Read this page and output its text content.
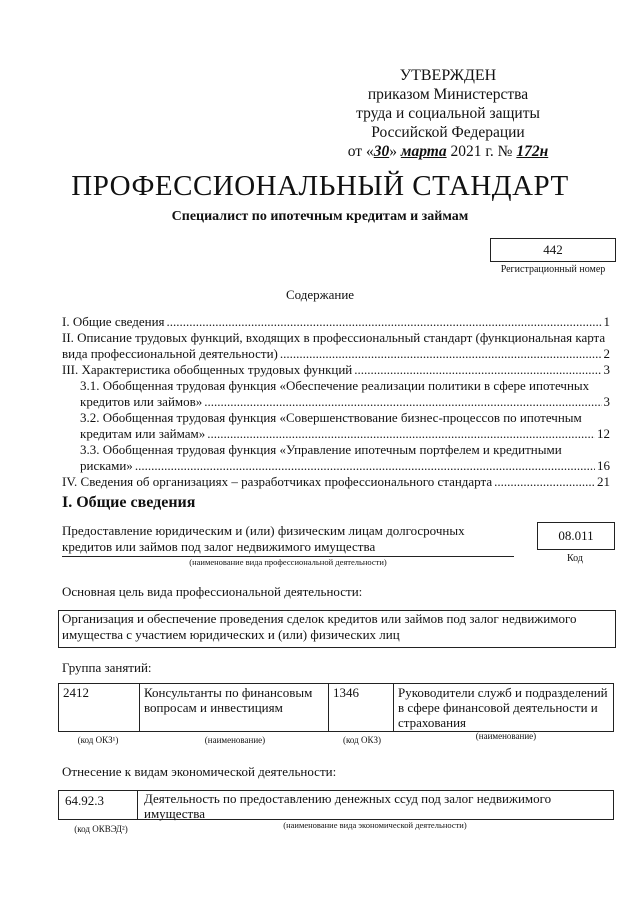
УТВЕРЖДЕН
приказом Министерства
труда и социальной защиты
Российской Федерации
от «30» марта 2021 г. № 172н
ПРОФЕССИОНАЛЬНЫЙ СТАНДАРТ
Специалист по ипотечным кредитам и займам
442
Регистрационный номер
Содержание
I. Общие сведения .....	1
II. Описание трудовых функций, входящих в профессиональный стандарт (функциональная карта
вида профессиональной деятельности) .....	2
III. Характеристика обобщенных трудовых функций .....	3
3.1. Обобщенная трудовая функция «Обеспечение реализации политики в сфере ипотечных
кредитов или займов» .....	3
3.2. Обобщенная трудовая функция «Совершенствование бизнес-процессов по ипотечным
кредитам или займам» .....	12
3.3. Обобщенная трудовая функция «Управление ипотечным портфелем и кредитными
рисками» .....	16
IV. Сведения об организациях – разработчиках профессионального стандарта .....	21
I. Общие сведения
Предоставление юридическим и (или) физическим лицам долгосрочных
кредитов или займов под залог недвижимого имущества
(наименование вида профессиональной деятельности)
08.011
Код
Основная цель вида профессиональной деятельности:
Организация и обеспечение проведения сделок кредитов или займов под залог недвижимого
имущества с участием юридических и (или) физических лиц
Группа занятий:
2412	Консультанты по финансовым вопросам и инвестициям	1346	Руководители служб и подразделений в сфере финансовой деятельности и страхования
(код ОКЗ¹)	(наименование)	(код ОКЗ)	(наименование)
Отнесение к видам экономической деятельности:
64.92.3	Деятельность по предоставлению денежных ссуд под залог недвижимого
имущества
(код ОКВЭД²)	(наименование вида экономической деятельности)
